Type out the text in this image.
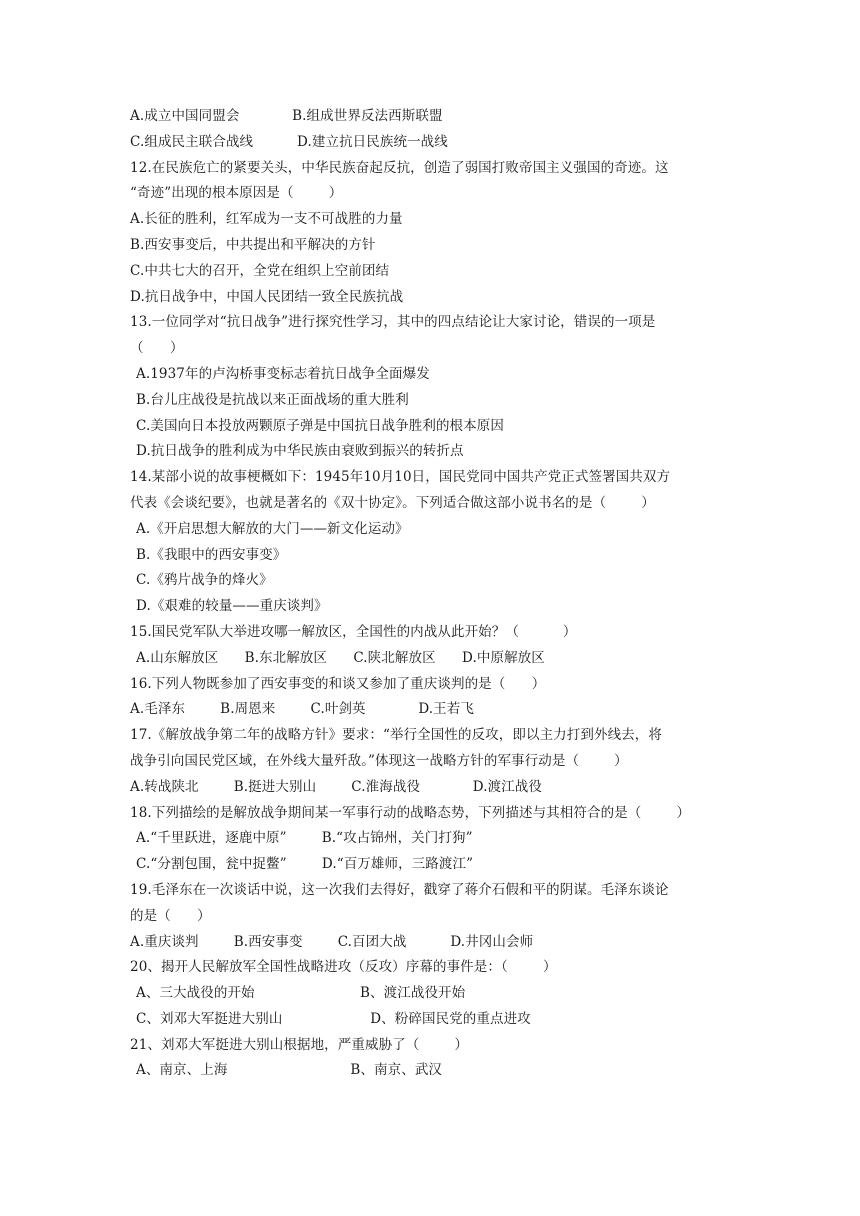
A.成立中国同盟会            B.组成世界反法西斯联盟
C.组成民主联合战线          D.建立抗日民族统一战线
12.在民族危亡的紧要关头，中华民族奋起反抗，创造了弱国打败帝国主义强国的奇迹。这
“奇迹”出现的根本原因是（        ）
A.长征的胜利，红军成为一支不可战胜的力量
B.西安事变后，中共提出和平解决的方针
C.中共七大的召开，全党在组织上空前团结
D.抗日战争中，中国人民团结一致全民族抗战
13.一位同学对“抗日战争”进行探究性学习，其中的四点结论让大家讨论，错误的一项是
（      ）
A.1937年的卢沟桥事变标志着抗日战争全面爆发
B.台儿庄战役是抗战以来正面战场的重大胜利
C.美国向日本投放两颗原子弹是中国抗日战争胜利的根本原因
D.抗日战争的胜利成为中华民族由衰败到振兴的转折点
14.某部小说的故事梗概如下：1945年10月10日，国民党同中国共产党正式签署国共双方
代表《会谈纪要》，也就是著名的《双十协定》。下列适合做这部小说书名的是（        ）
A.《开启思想大解放的大门——新文化运动》
B.《我眼中的西安事变》
C.《鸦片战争的烽火》
D.《艰难的较量——重庆谈判》
15.国民党军队大举进攻哪一解放区，全国性的内战从此开始？（          ）
A.山东解放区      B.东北解放区      C.陕北解放区      D.中原解放区
16.下列人物既参加了西安事变的和谈又参加了重庆谈判的是（      ）
A.毛泽东        B.周恩来        C.叶剑英            D.王若飞
17.《解放战争第二年的战略方针》要求：“举行全国性的反攻，即以主力打到外线去，将
战争引向国民党区域，在外线大量歼敌。”体现这一战略方针的军事行动是（        ）
A.转战陕北        B.挺进大别山        C.淮海战役            D.渡江战役
18.下列描绘的是解放战争期间某一军事行动的战略态势，下列描述与其相符合的是（        ）
A.“千里跃进，逐鹿中原”        B.“攻占锦州，关门打狗”
C.“分割包围，瓮中捉鳖”        D.“百万雄师，三路渡江”
19.毛泽东在一次谈话中说，这一次我们去得好，戳穿了蒋介石假和平的阴谋。毛泽东谈论
的是（      ）
A.重庆谈判        B.西安事变        C.百团大战          D.井冈山会师
20、揭开人民解放军全国性战略进攻（反攻）序幕的事件是：（        ）
A、三大战役的开始                        B、渡江战役开始
C、刘邓大军挺进大别山                    D、粉碎国民党的重点进攻
21、刘邓大军挺进大别山根据地，严重威胁了（        ）
A、南京、上海                            B、南京、武汉
